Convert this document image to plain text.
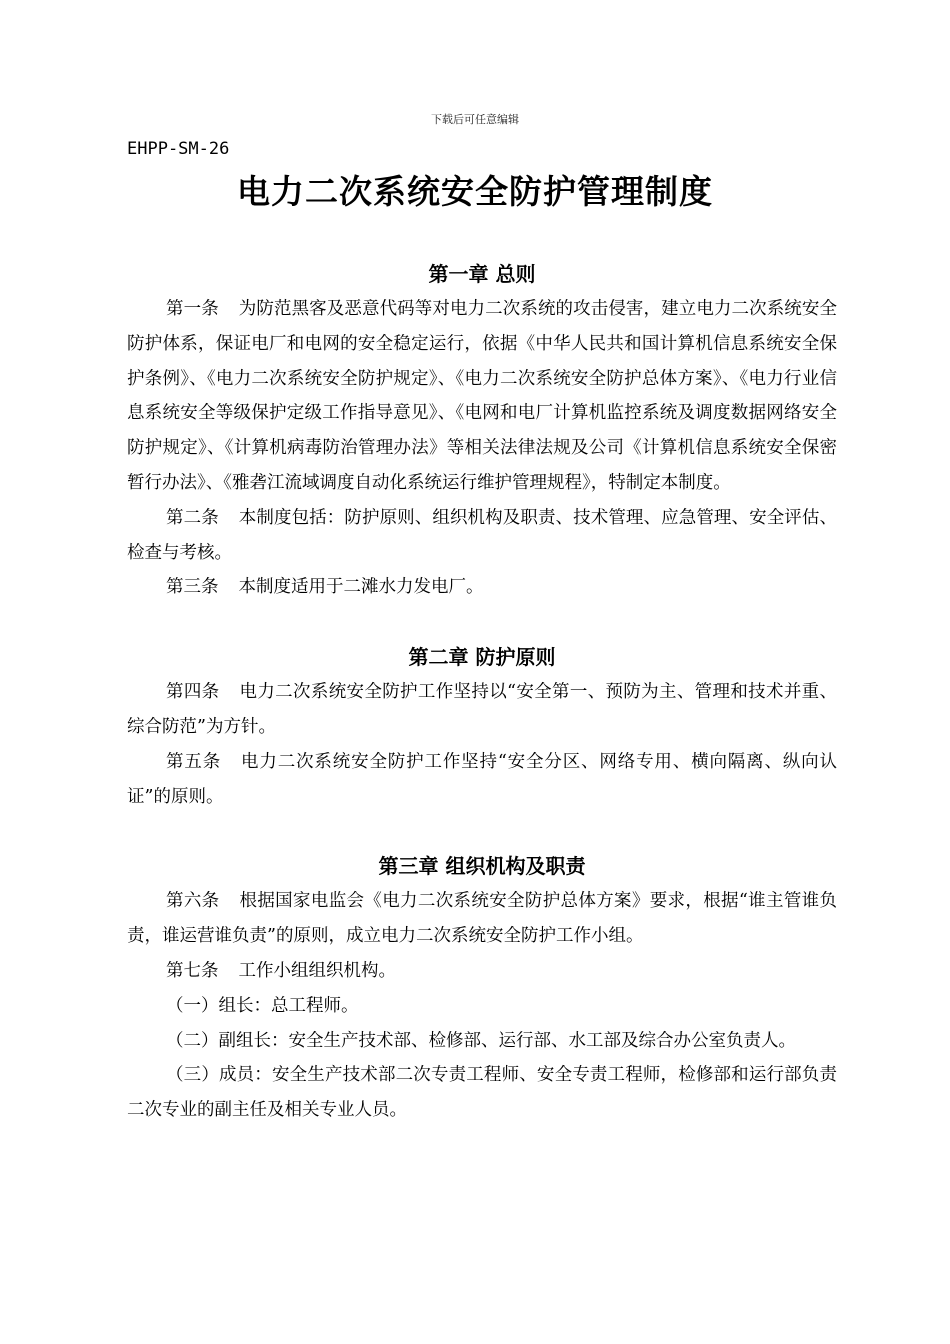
下载后可任意编辑
EHPP-SM-26
电力二次系统安全防护管理制度
第一章 总则

第一条 为防范黑客及恶意代码等对电力二次系统的攻击侵害，建立电力二次系统安全防护体系，保证电厂和电网的安全稳定运行，依据《中华人民共和国计算机信息系统安全保护条例》、《电力二次系统安全防护规定》、《电力二次系统安全防护总体方案》、《电力行业信息系统安全等级保护定级工作指导意见》、《电网和电厂计算机监控系统及调度数据网络安全防护规定》、《计算机病毒防治管理办法》等相关法律法规及公司《计算机信息系统安全保密暂行办法》、《雅砻江流域调度自动化系统运行维护管理规程》，特制定本制度。

第二条 本制度包括：防护原则、组织机构及职责、技术管理、应急管理、安全评估、检查与考核。

第三条 本制度适用于二滩水力发电厂。

第二章 防护原则

第四条 电力二次系统安全防护工作坚持以“安全第一、预防为主、管理和技术并重、综合防范”为方针。

第五条 电力二次系统安全防护工作坚持“安全分区、网络专用、横向隔离、纵向认证”的原则。

第三章 组织机构及职责

第六条 根据国家电监会《电力二次系统安全防护总体方案》要求，根据“谁主管谁负责，谁运营谁负责”的原则，成立电力二次系统安全防护工作小组。

第七条 工作小组组织机构。

（一）组长：总工程师。

（二）副组长：安全生产技术部、检修部、运行部、水工部及综合办公室负责人。

（三）成员：安全生产技术部二次专责工程师、安全专责工程师，检修部和运行部负责二次专业的副主任及相关专业人员。
